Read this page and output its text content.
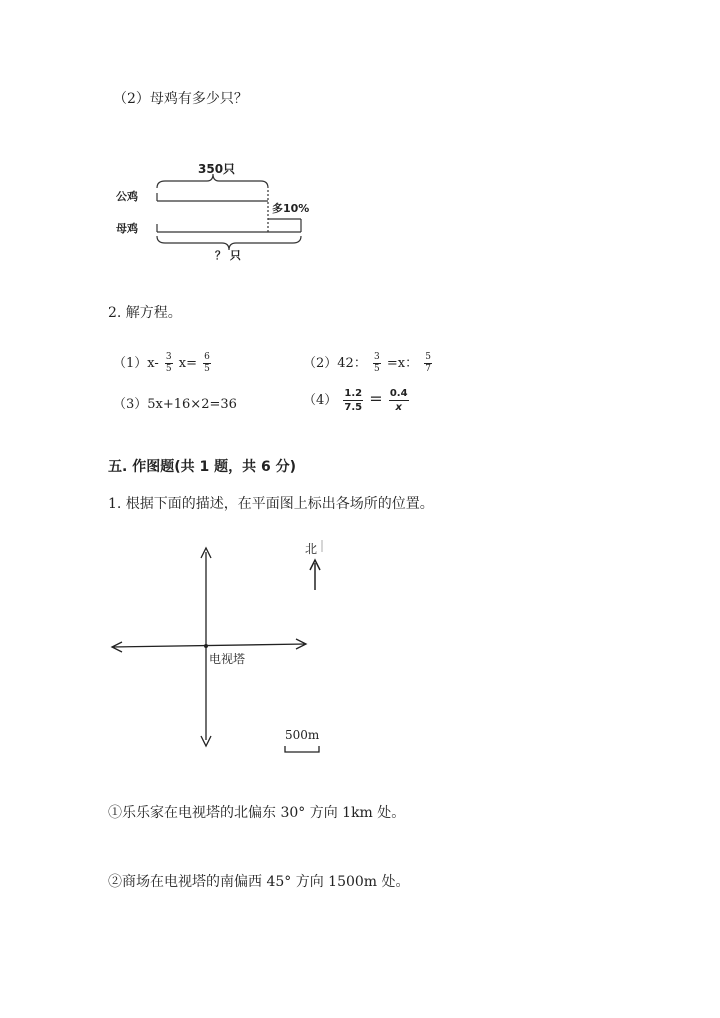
（2）母鸡有多少只？
350只
公鸡
母鸡
多10%
？ 只
2. 解方程。
$(1)x- \frac{3}{5} x= \frac{6}{5}$	（2）42： $\frac{3}{5} =x$： $\frac{5}{7}$
（3）5x+16×2=36	$(4) \frac{1.2}{7.5} = \frac{0.4}{x}$
五. 作图题(共 1 题，共 6 分)
1. 根据下面的描述，在平面图上标出各场所的位置。
北
电视塔
500m
①乐乐家在电视塔的北偏东 30° 方向 1km 处。
②商场在电视塔的南偏西 45° 方向 1500m 处。
